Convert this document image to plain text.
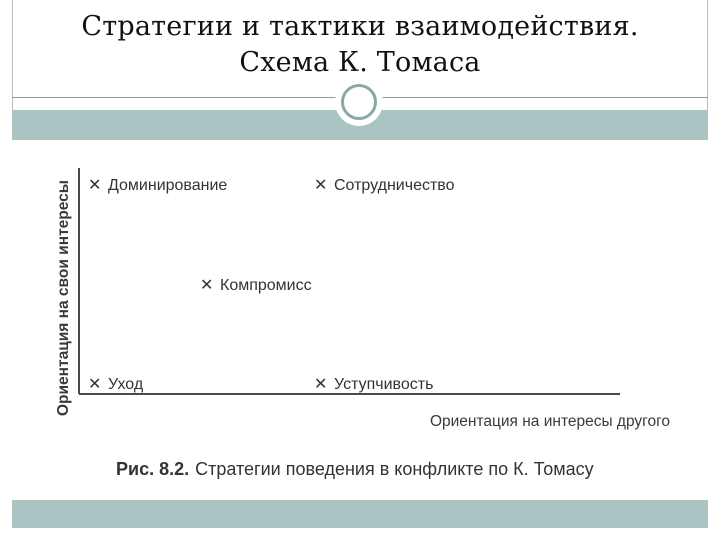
Стратегии и тактики взаимодействия.
Схема К. Томаса
Ориентация на свои интересы
Ориентация на интересы другого
✕ Доминирование	✕ Сотрудничество
✕ Компромисс
✕ Уход	✕ Уступчивость
Рис. 8.2. Стратегии поведения в конфликте по К. Томасу
